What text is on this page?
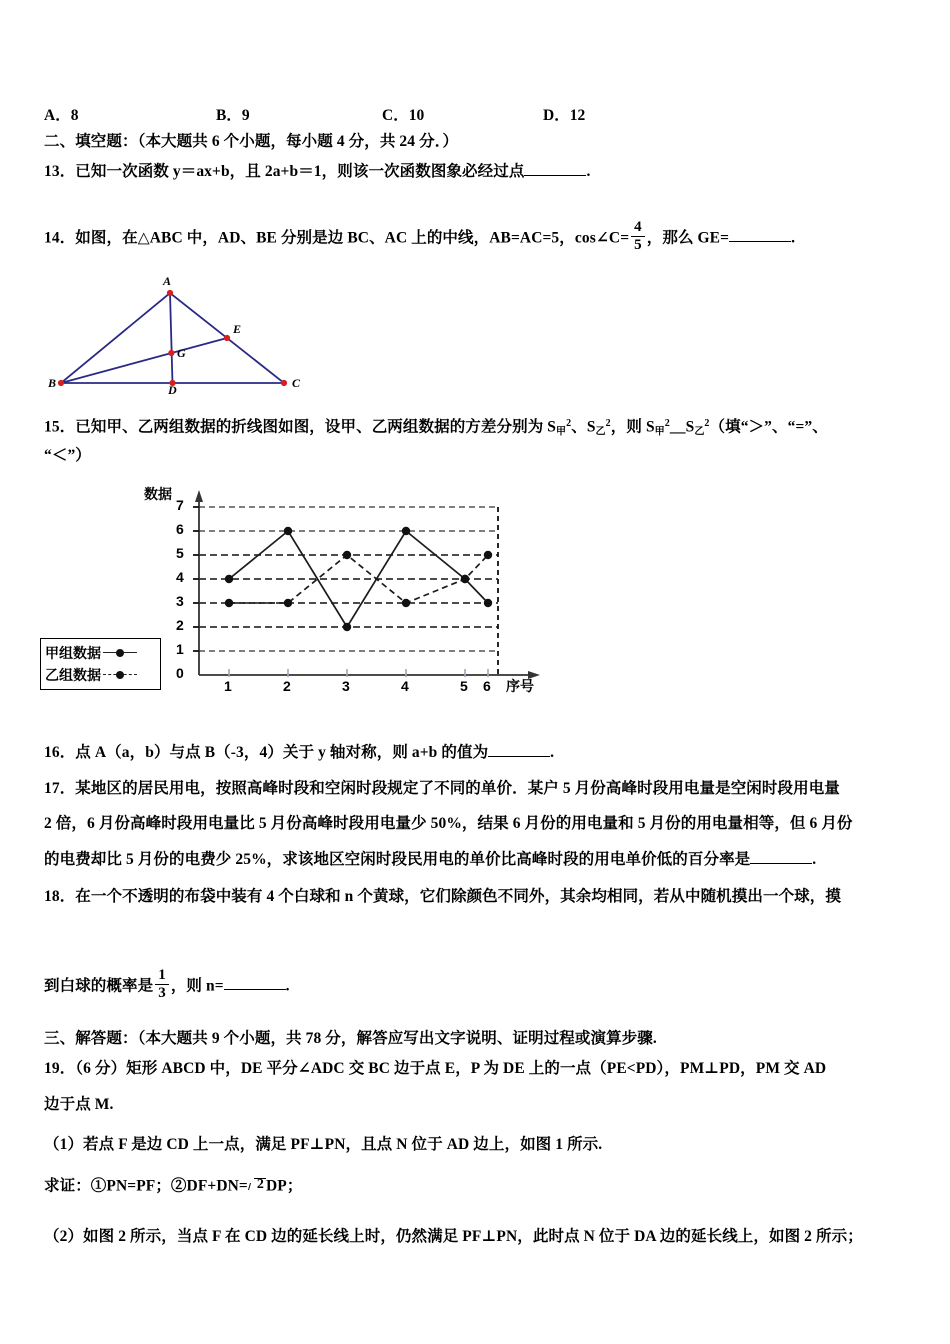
A．8	B．9	C．10	D．12
二、填空题：（本大题共 6 个小题，每小题 4 分，共 24 分．）
13．已知一次函数 y＝ax+b，且 2a+b＝1，则该一次函数图象必经过点	.
14．如图，在△ABC 中，AD、BE 分别是边 BC、AC 上的中线，AB=AC=5，cos∠C= $\frac{4}{5}$ ，那么 GE=	.
A
B	C
D
E
G
15．已知甲、乙两组数据的折线图如图，设甲、乙两组数据的方差分别为 $S_甲^2$、$S_乙^2$，则 $S_甲^2\_\_S_乙^2$（填“＞”、“=”、
“＜”）
数据
序号
7
6
5
4
3
2
1
0
1	2	3	4	5 6
甲组数据
乙组数据
16．点 A（a，b）与点 B（‑3，4）关于 y 轴对称，则 a+b 的值为	.
17．某地区的居民用电，按照高峰时段和空闲时段规定了不同的单价．某户 5 月份高峰时段用电量是空闲时段用电量
2 倍，6 月份高峰时段用电量比 5 月份高峰时段用电量少 50%，结果 6 月份的用电量和 5 月份的用电量相等，但 6 月份
的电费却比 5 月份的电费少 25%，求该地区空闲时段民用电的单价比高峰时段的用电单价低的百分率是	.
18．在一个不透明的布袋中装有 4 个白球和 n 个黄球，它们除颜色不同外，其余均相同，若从中随机摸出一个球，摸
到白球的概率是 $\frac{1}{3}$ ，则 n=	.
三、解答题：（本大题共 9 个小题，共 78 分，解答应写出文字说明、证明过程或演算步骤.
19．（6 分）矩形 ABCD 中，DE 平分∠ADC 交 BC 边于点 E，P 为 DE 上的一点（PE<PD），PM⊥PD，PM 交 AD
边于点 M.
（1）若点 F 是边 CD 上一点，满足 PF⊥PN，且点 N 位于 AD 边上，如图 1 所示.
求证：①PN=PF；②DF+DN= 2 DP；
（2）如图 2 所示，当点 F 在 CD 边的延长线上时，仍然满足 PF⊥PN，此时点 N 位于 DA 边的延长线上，如图 2 所示；
